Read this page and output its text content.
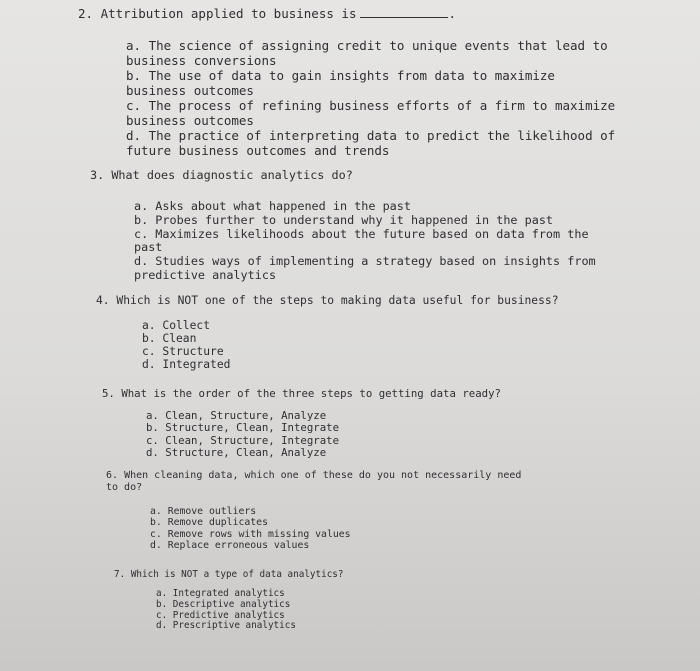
2. Attribution applied to business is	.
a. The science of assigning credit to unique events that lead to
business conversions
b. The use of data to gain insights from data to maximize
business outcomes
c. The process of refining business efforts of a firm to maximize
business outcomes
d. The practice of interpreting data to predict the likelihood of
future business outcomes and trends
3. What does diagnostic analytics do?
a. Asks about what happened in the past
b. Probes further to understand why it happened in the past
c. Maximizes likelihoods about the future based on data from the
past
d. Studies ways of implementing a strategy based on insights from
predictive analytics
4. Which is NOT one of the steps to making data useful for business?
a. Collect
b. Clean
c. Structure
d. Integrated
5. What is the order of the three steps to getting data ready?
a. Clean, Structure, Analyze
b. Structure, Clean, Integrate
c. Clean, Structure, Integrate
d. Structure, Clean, Analyze
6. When cleaning data, which one of these do you not necessarily need
to do?
a. Remove outliers
b. Remove duplicates
c. Remove rows with missing values
d. Replace erroneous values
7. Which is NOT a type of data analytics?
a. Integrated analytics
b. Descriptive analytics
c. Predictive analytics
d. Prescriptive analytics
